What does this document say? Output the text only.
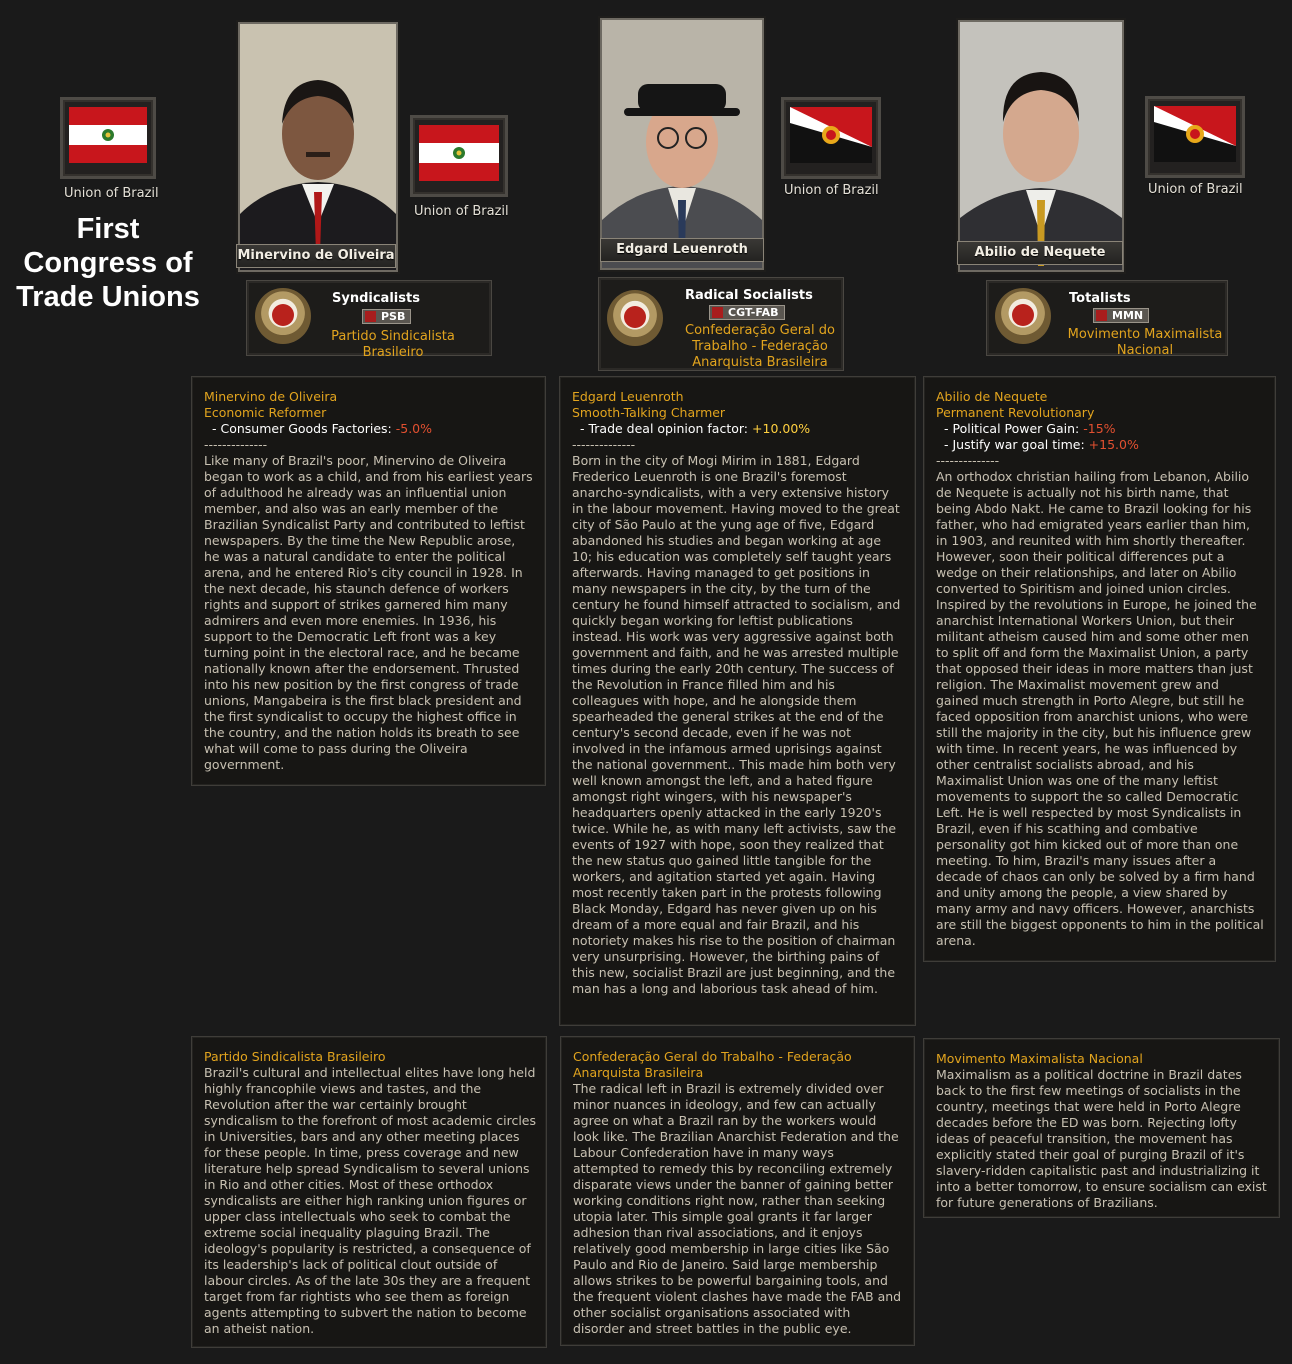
Union of Brazil
First Congress of Trade Unions
Minervino de Oliveira
Union of Brazil
Syndicalists
PSB
Partido Sindicalista Brasileiro
Edgard Leuenroth
Union of Brazil
Radical Socialists
CGT-FAB
Confederação Geral do Trabalho - Federação Anarquista Brasileira
Abilio de Nequete
Union of Brazil
Totalists
MMN
Movimento Maximalista Nacional
Minervino de Oliveira
Economic Reformer
- Consumer Goods Factories: -5.0%
--------------
Like many of Brazil's poor, Minervino de Oliveira began to work as a child, and from his earliest years of adulthood he already was an influential union member, and also was an early member of the Brazilian Syndicalist Party and contributed to leftist newspapers. By the time the New Republic arose, he was a natural candidate to enter the political arena, and he entered Rio's city council in 1928. In the next decade, his staunch defence of workers rights and support of strikes garnered him many admirers and even more enemies. In 1936, his support to the Democratic Left front was a key turning point in the electoral race, and he became nationally known after the endorsement. Thrusted into his new position by the first congress of trade unions, Mangabeira is the first black president and the first syndicalist to occupy the highest office in the country, and the nation holds its breath to see what will come to pass during the Oliveira government.
Edgard Leuenroth
Smooth-Talking Charmer
- Trade deal opinion factor: +10.00%
--------------
Born in the city of Mogi Mirim in 1881, Edgard Frederico Leuenroth is one Brazil's foremost anarcho-syndicalists, with a very extensive history in the labour movement. Having moved to the great city of São Paulo at the yung age of five, Edgard abandoned his studies and began working at age 10; his education was completely self taught years afterwards. Having managed to get positions in many newspapers in the city, by the turn of the century he found himself attracted to socialism, and quickly began working for leftist publications instead. His work was very aggressive against both government and faith, and he was arrested multiple times during the early 20th century. The success of the Revolution in France filled him and his colleagues with hope, and he alongside them spearheaded the general strikes at the end of the century's second decade, even if he was not involved in the infamous armed uprisings against the national government.. This made him both very well known amongst the left, and a hated figure amongst right wingers, with his newspaper's headquarters openly attacked in the early 1920's twice. While he, as with many left activists, saw the events of 1927 with hope, soon they realized that the new status quo gained little tangible for the workers, and agitation started yet again. Having most recently taken part in the protests following Black Monday, Edgard has never given up on his dream of a more equal and fair Brazil, and his notoriety makes his rise to the position of chairman very unsurprising. However, the birthing pains of this new, socialist Brazil are just beginning, and the man has a long and laborious task ahead of him.
Abilio de Nequete
Permanent Revolutionary
- Political Power Gain: -15%
- Justify war goal time: +15.0%
--------------
An orthodox christian hailing from Lebanon, Abilio de Nequete is actually not his birth name, that being Abdo Nakt. He came to Brazil looking for his father, who had emigrated years earlier than him, in 1903, and reunited with him shortly thereafter. However, soon their political differences put a wedge on their relationships, and later on Abilio converted to Spiritism and joined union circles. Inspired by the revolutions in Europe, he joined the anarchist International Workers Union, but their militant atheism caused him and some other men to split off and form the Maximalist Union, a party that opposed their ideas in more matters than just religion. The Maximalist movement grew and gained much strength in Porto Alegre, but still he faced opposition from anarchist unions, who were still the majority in the city, but his influence grew with time. In recent years, he was influenced by other centralist socialists abroad, and his Maximalist Union was one of the many leftist movements to support the so called Democratic Left. He is well respected by most Syndicalists in Brazil, even if his scathing and combative personality got him kicked out of more than one meeting. To him, Brazil's many issues after a decade of chaos can only be solved by a firm hand and unity among the people, a view shared by many army and navy officers. However, anarchists are still the biggest opponents to him in the political arena.
Partido Sindicalista Brasileiro
Brazil's cultural and intellectual elites have long held highly francophile views and tastes, and the Revolution after the war certainly brought syndicalism to the forefront of most academic circles in Universities, bars and any other meeting places for these people. In time, press coverage and new literature help spread Syndicalism to several unions in Rio and other cities. Most of these orthodox syndicalists are either high ranking union figures or upper class intellectuals who seek to combat the extreme social inequality plaguing Brazil. The ideology's popularity is restricted, a consequence of its leadership's lack of political clout outside of labour circles. As of the late 30s they are a frequent target from far rightists who see them as foreign agents attempting to subvert the nation to become an atheist nation.
Confederação Geral do Trabalho - Federação Anarquista Brasileira
The radical left in Brazil is extremely divided over minor nuances in ideology, and few can actually agree on what a Brazil ran by the workers would look like. The Brazilian Anarchist Federation and the Labour Confederation have in many ways attempted to remedy this by reconciling extremely disparate views under the banner of gaining better working conditions right now, rather than seeking utopia later. This simple goal grants it far larger adhesion than rival associations, and it enjoys relatively good membership in large cities like São Paulo and Rio de Janeiro. Said large membership allows strikes to be powerful bargaining tools, and the frequent violent clashes have made the FAB and other socialist organisations associated with disorder and street battles in the public eye.
Movimento Maximalista Nacional
Maximalism as a political doctrine in Brazil dates back to the first few meetings of socialists in the country, meetings that were held in Porto Alegre decades before the ED was born. Rejecting lofty ideas of peaceful transition, the movement has explicitly stated their goal of purging Brazil of it's slavery-ridden capitalistic past and industrializing it into a better tomorrow, to ensure socialism can exist for future generations of Brazilians.
